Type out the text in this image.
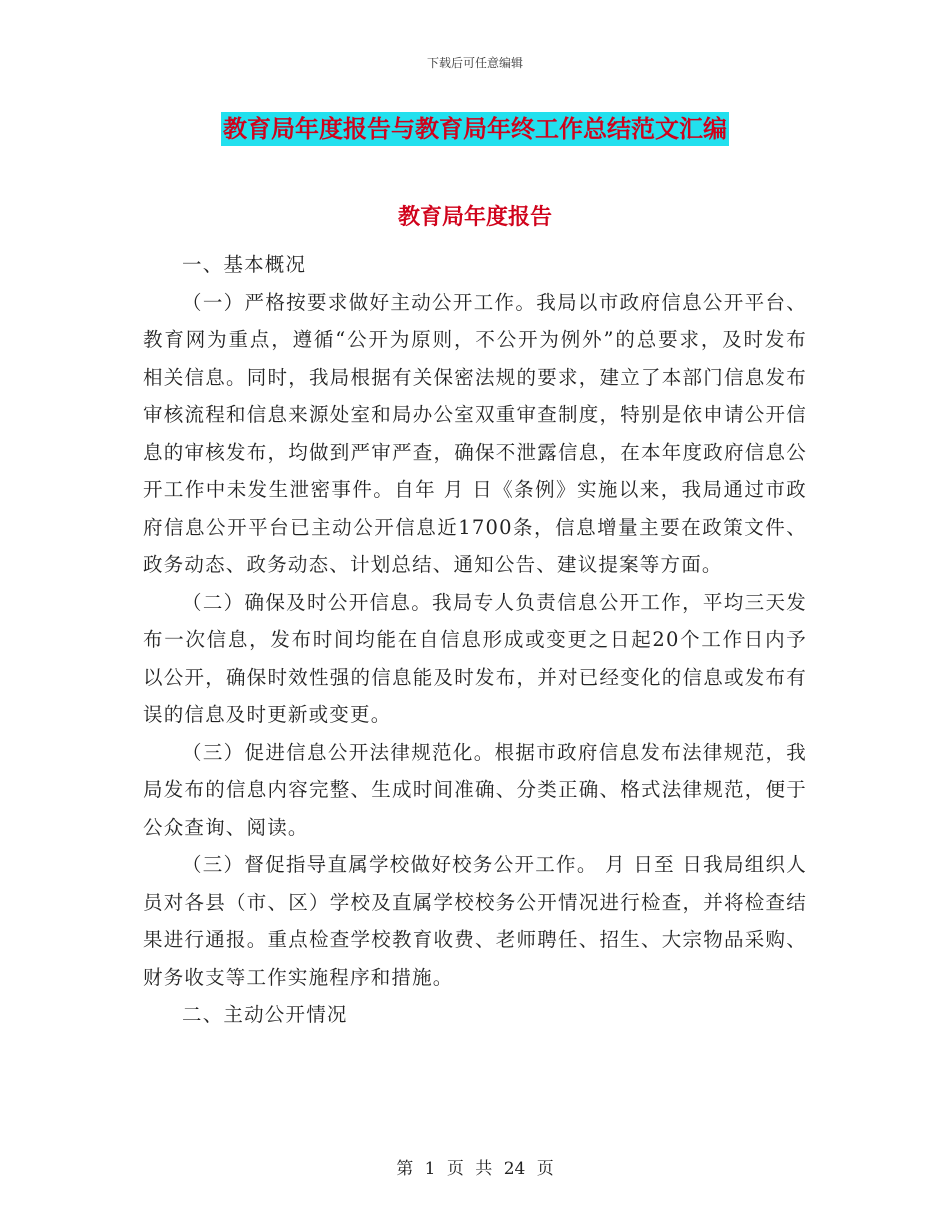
下载后可任意编辑
教育局年度报告与教育局年终工作总结范文汇编
教育局年度报告

一、基本概况

（一）严格按要求做好主动公开工作。我局以市政府信息公开平台、教育网为重点，遵循“公开为原则，不公开为例外”的总要求，及时发布相关信息。同时，我局根据有关保密法规的要求，建立了本部门信息发布审核流程和信息来源处室和局办公室双重审查制度，特别是依申请公开信息的审核发布，均做到严审严查，确保不泄露信息，在本年度政府信息公开工作中未发生泄密事件。自年 月 日《条例》实施以来，我局通过市政府信息公开平台已主动公开信息近1700条，信息增量主要在政策文件、政务动态、政务动态、计划总结、通知公告、建议提案等方面。

（二）确保及时公开信息。我局专人负责信息公开工作，平均三天发布一次信息，发布时间均能在自信息形成或变更之日起20个工作日内予以公开，确保时效性强的信息能及时发布，并对已经变化的信息或发布有误的信息及时更新或变更。

（三）促进信息公开法律规范化。根据市政府信息发布法律规范，我局发布的信息内容完整、生成时间准确、分类正确、格式法律规范，便于公众查询、阅读。

（三）督促指导直属学校做好校务公开工作。 月 日至 日我局组织人员对各县（市、区）学校及直属学校校务公开情况进行检查，并将检查结果进行通报。重点检查学校教育收费、老师聘任、招生、大宗物品采购、财务收支等工作实施程序和措施。

二、主动公开情况

第 1 页 共 24 页
